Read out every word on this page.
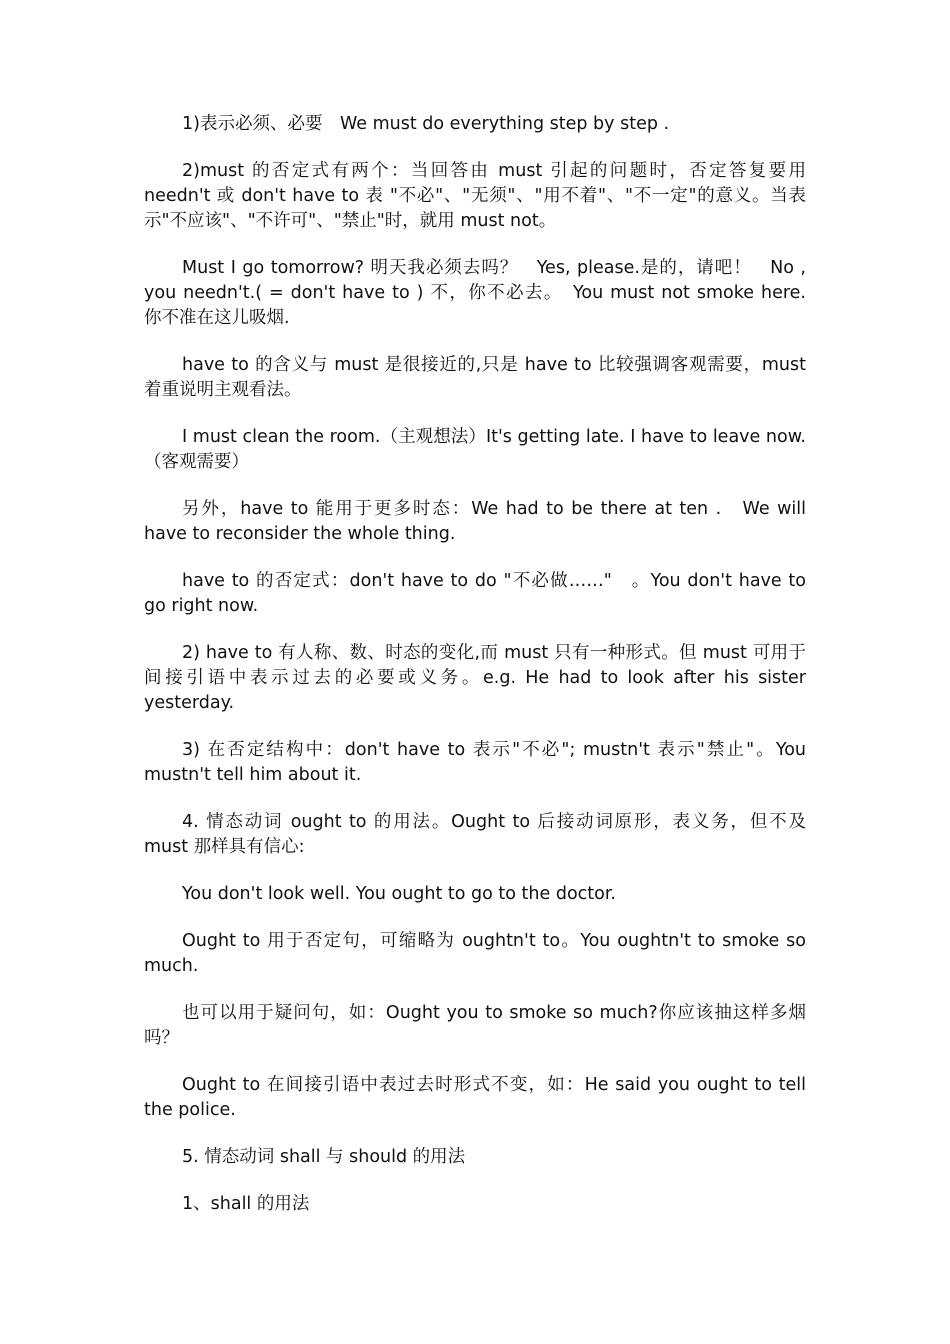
1)表示必须、必要　We must do everything step by step .

2)must 的否定式有两个：当回答由 must 引起的问题时，否定答复要用 needn't 或 don't have to 表 "不必"、"无须"、"用不着"、"不一定"的意义。当表示"不应该"、"不许可"、"禁止"时，就用 must not。

Must I go tomorrow? 明天我必须去吗？　Yes, please.是的，请吧！　No , you needn't.( = don't have to ) 不，你不必去。　You must not smoke here.　你不准在这儿吸烟.

have to 的含义与 must 是很接近的,只是 have to 比较强调客观需要，must 着重说明主观看法。

I must clean the room.（主观想法）It's getting late. I have to leave now.（客观需要）

另外，have to 能用于更多时态：We had to be there at ten .　We will have to reconsider the whole thing.

have to 的否定式：don't have to do "不必做……"　。You don't have to go right now.

2) have to 有人称、数、时态的变化,而 must 只有一种形式。但 must 可用于间接引语中表示过去的必要或义务。e.g. He had to look after his sister　　yesterday.

3) 在否定结构中：don't have to 表示"不必"; mustn't 表示"禁止"。You mustn't tell him about it.

4. 情态动词 ought to 的用法。Ought to 后接动词原形，表义务，但不及 must 那样具有信心:

You don't look well. You ought to go to the doctor.

Ought to 用于否定句，可缩略为 oughtn't to。You oughtn't to smoke so much.

也可以用于疑问句，如：Ought you to smoke so much?你应该抽这样多烟吗？

Ought to 在间接引语中表过去时形式不变，如：He said you ought to tell the police.

5. 情态动词 shall 与 should 的用法

1、shall 的用法
